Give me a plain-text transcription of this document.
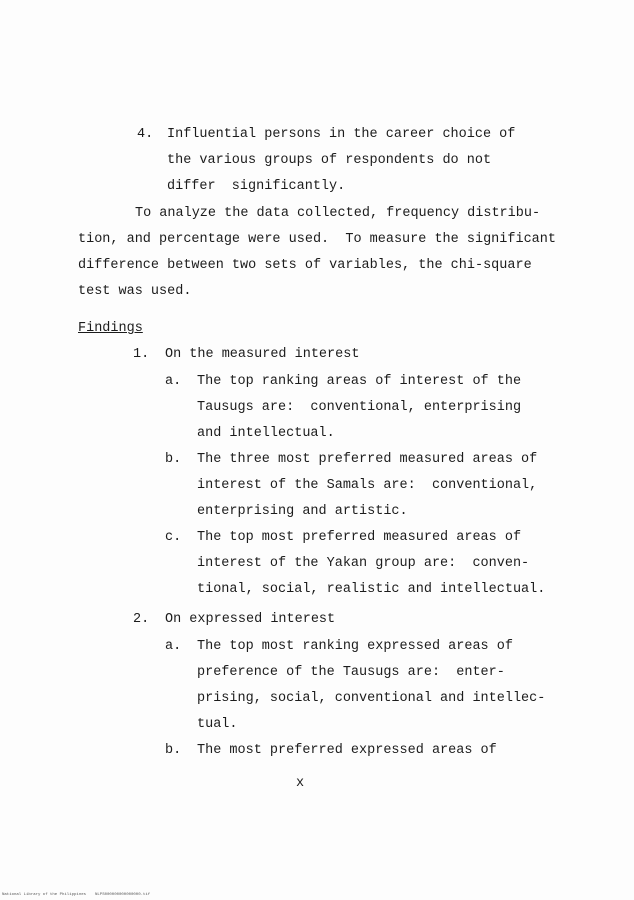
4. Influential persons in the career choice of
the various groups of respondents do not
differ  significantly.
To analyze the data collected, frequency distribu-
tion, and percentage were used.  To measure the significant
difference between two sets of variables, the chi-square
test was used.
Findings
1. On the measured interest
a. The top ranking areas of interest of the
Tausugs are:  conventional, enterprising
and intellectual.
b. The three most preferred measured areas of
interest of the Samals are:  conventional,
enterprising and artistic.
c. The top most preferred measured areas of
interest of the Yakan group are:  conven-
tional, social, realistic and intellectual.
2. On expressed interest
a. The top most ranking expressed areas of
preference of the Tausugs are:  enter-
prising, social, conventional and intellec-
tual.
b. The most preferred expressed areas of
x
National Library of the Philippines NLPS000000000000000.tif
